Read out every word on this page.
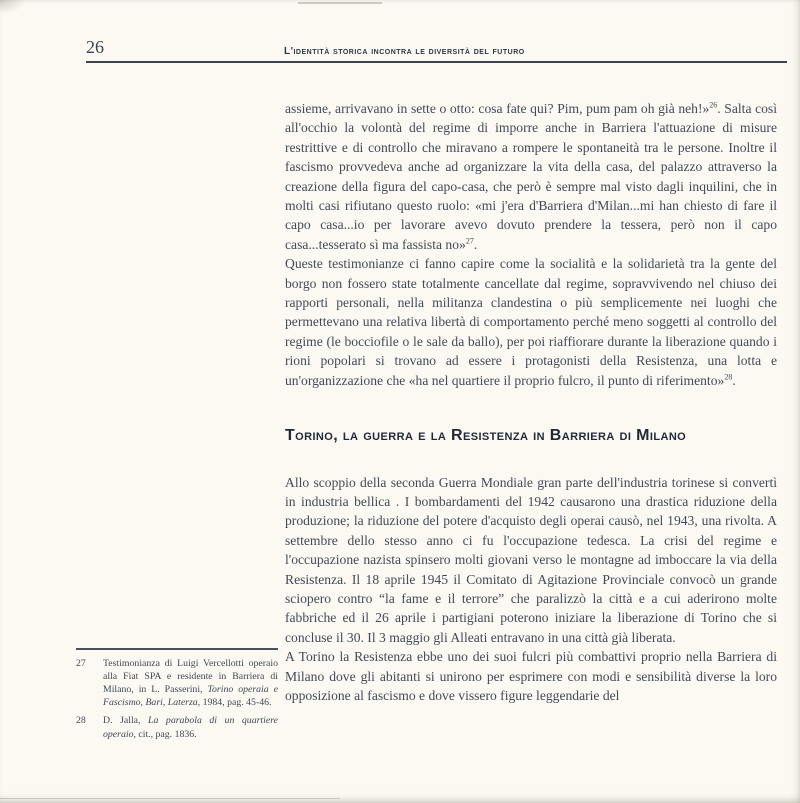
26	L'identità storica incontra le diversità del futuro

assieme, arrivavano in sette o otto: cosa fate qui? Pim, pum pam oh già neh!»$^{26}$. Salta così all'occhio la volontà del regime di imporre anche in Barriera l'attuazione di misure restrittive e di controllo che miravano a rompere le spontaneità tra le persone. Inoltre il fascismo provvedeva anche ad organizzare la vita della casa, del palazzo attraverso la creazione della figura del capo-casa, che però è sempre mal visto dagli inquilini, che in molti casi rifiutano questo ruolo: «mi j'era d'Barriera d'Milan...mi han chiesto di fare il capo casa...io per lavorare avevo dovuto prendere la tessera, però non il capo casa...tesserato sì ma fassista no»$^{27}$.

Queste testimonianze ci fanno capire come la socialità e la solidarietà tra la gente del borgo non fossero state totalmente cancellate dal regime, sopravvivendo nel chiuso dei rapporti personali, nella militanza clandestina o più semplicemente nei luoghi che permettevano una relativa libertà di comportamento perché meno soggetti al controllo del regime (le bocciofile o le sale da ballo), per poi riaffiorare durante la liberazione quando i rioni popolari si trovano ad essere i protagonisti della Resistenza, una lotta e un'organizzazione che «ha nel quartiere il proprio fulcro, il punto di riferimento»$^{28}$.

Torino, la guerra e la Resistenza in Barriera di Milano

Allo scoppio della seconda Guerra Mondiale gran parte dell'industria torinese si convertì in industria bellica . I bombardamenti del 1942 causarono una drastica riduzione della produzione; la riduzione del potere d'acquisto degli operai causò, nel 1943, una rivolta. A settembre dello stesso anno ci fu l'occupazione tedesca. La crisi del regime e l'occupazione nazista spinsero molti giovani verso le montagne ad imboccare la via della Resistenza. Il 18 aprile 1945 il Comitato di Agitazione Provinciale convocò un grande sciopero contro “la fame e il terrore” che paralizzò la città e a cui aderirono molte fabbriche ed il 26 aprile i partigiani poterono iniziare la liberazione di Torino che si concluse il 30. Il 3 maggio gli Alleati entravano in una città già liberata.

A Torino la Resistenza ebbe uno dei suoi fulcri più combattivi proprio nella Barriera di Milano dove gli abitanti si unirono per esprimere con modi e sensibilità diverse la loro opposizione al fascismo e dove vissero figure leggendarie del

27	Testimonianza di Luigi Vercellotti operaio alla Fiat SPA e residente in Barriera di Milano, in L. Passerini, Torino operaia e Fascismo, Bari, Laterza, 1984, pag. 45-46.
28	D. Jalla, La parabola di un quartiere operaio, cit., pag. 1836.
